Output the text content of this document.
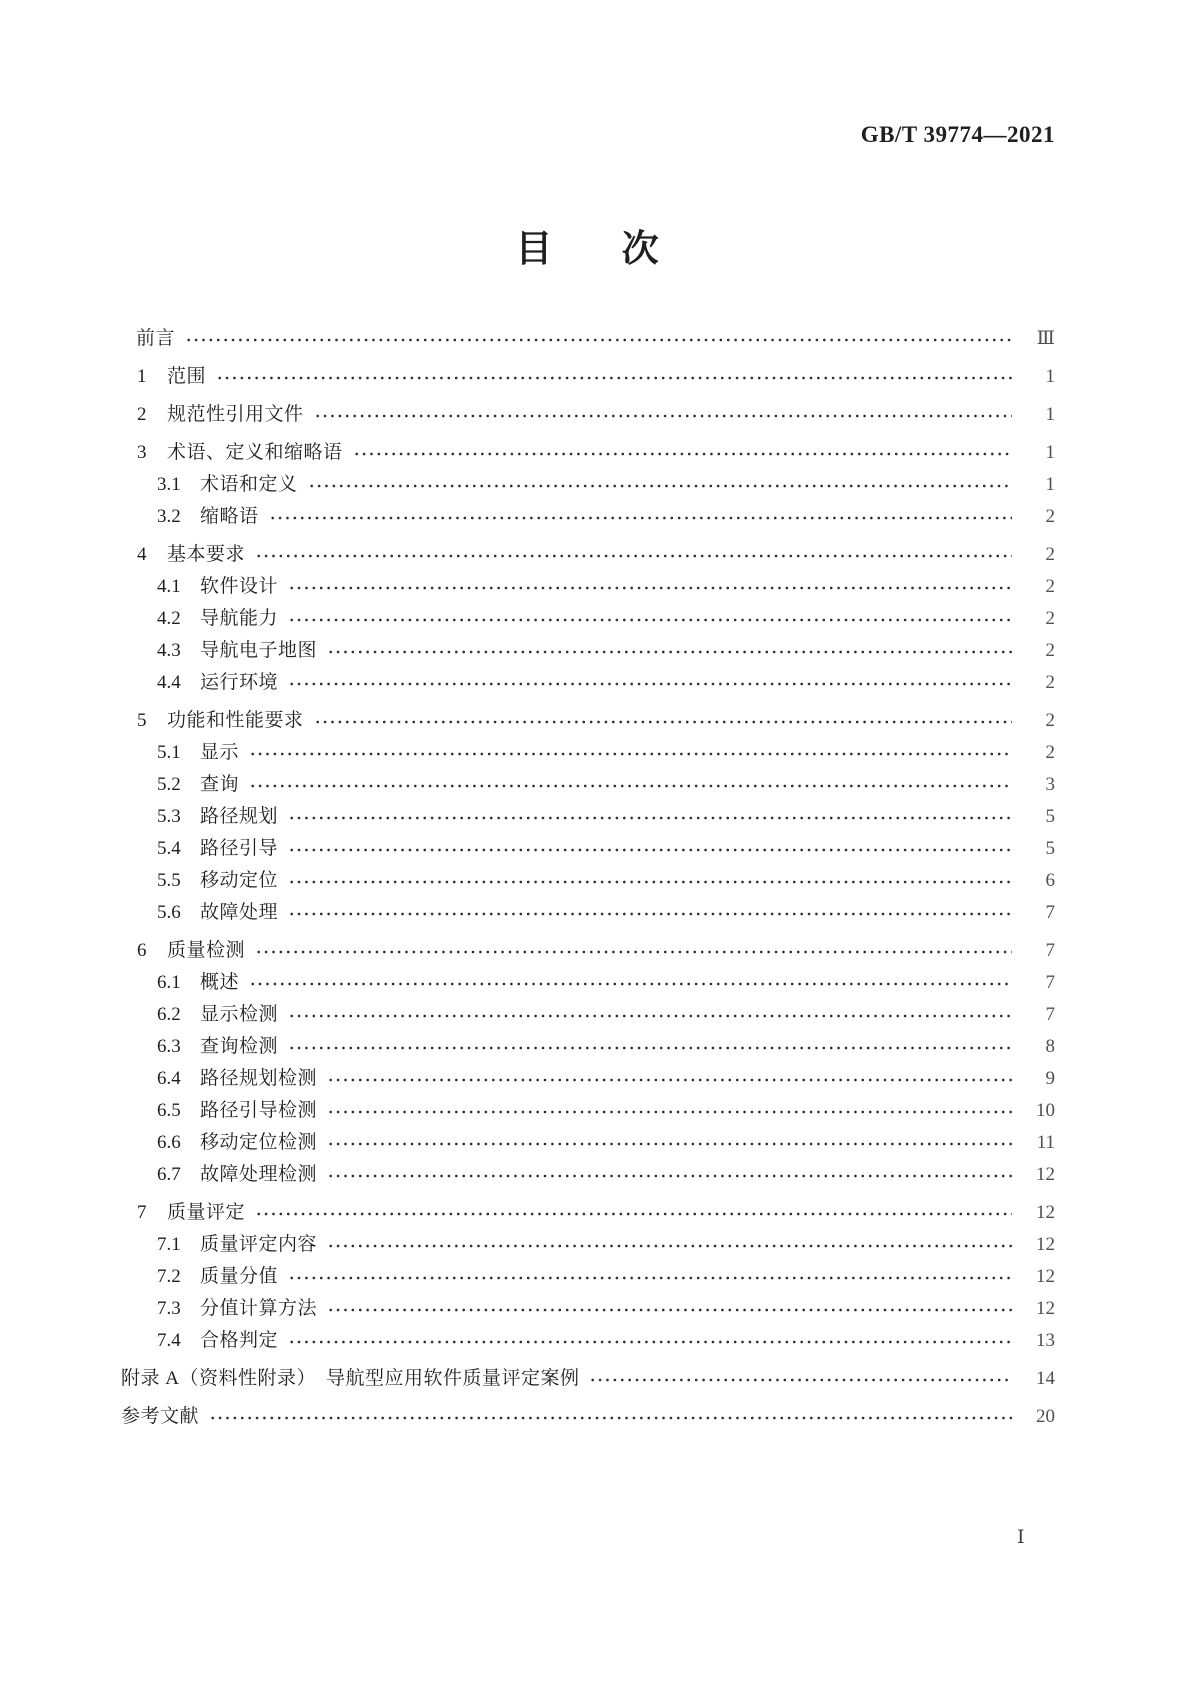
GB/T 39774—2021
目 次
前言	Ⅲ
1	范围	1
2	规范性引用文件	1
3	术语、定义和缩略语	1
3.1	术语和定义	1
3.2	缩略语	2
4	基本要求	2
4.1	软件设计	2
4.2	导航能力	2
4.3	导航电子地图	2
4.4	运行环境	2
5	功能和性能要求	2
5.1	显示	2
5.2	查询	3
5.3	路径规划	5
5.4	路径引导	5
5.5	移动定位	6
5.6	故障处理	7
6	质量检测	7
6.1	概述	7
6.2	显示检测	7
6.3	查询检测	8
6.4	路径规划检测	9
6.5	路径引导检测	10
6.6	移动定位检测	11
6.7	故障处理检测	12
7	质量评定	12
7.1	质量评定内容	12
7.2	质量分值	12
7.3	分值计算方法	12
7.4	合格判定	13
附录 A（资料性附录）　导航型应用软件质量评定案例	14
参考文献	20
Ⅰ
